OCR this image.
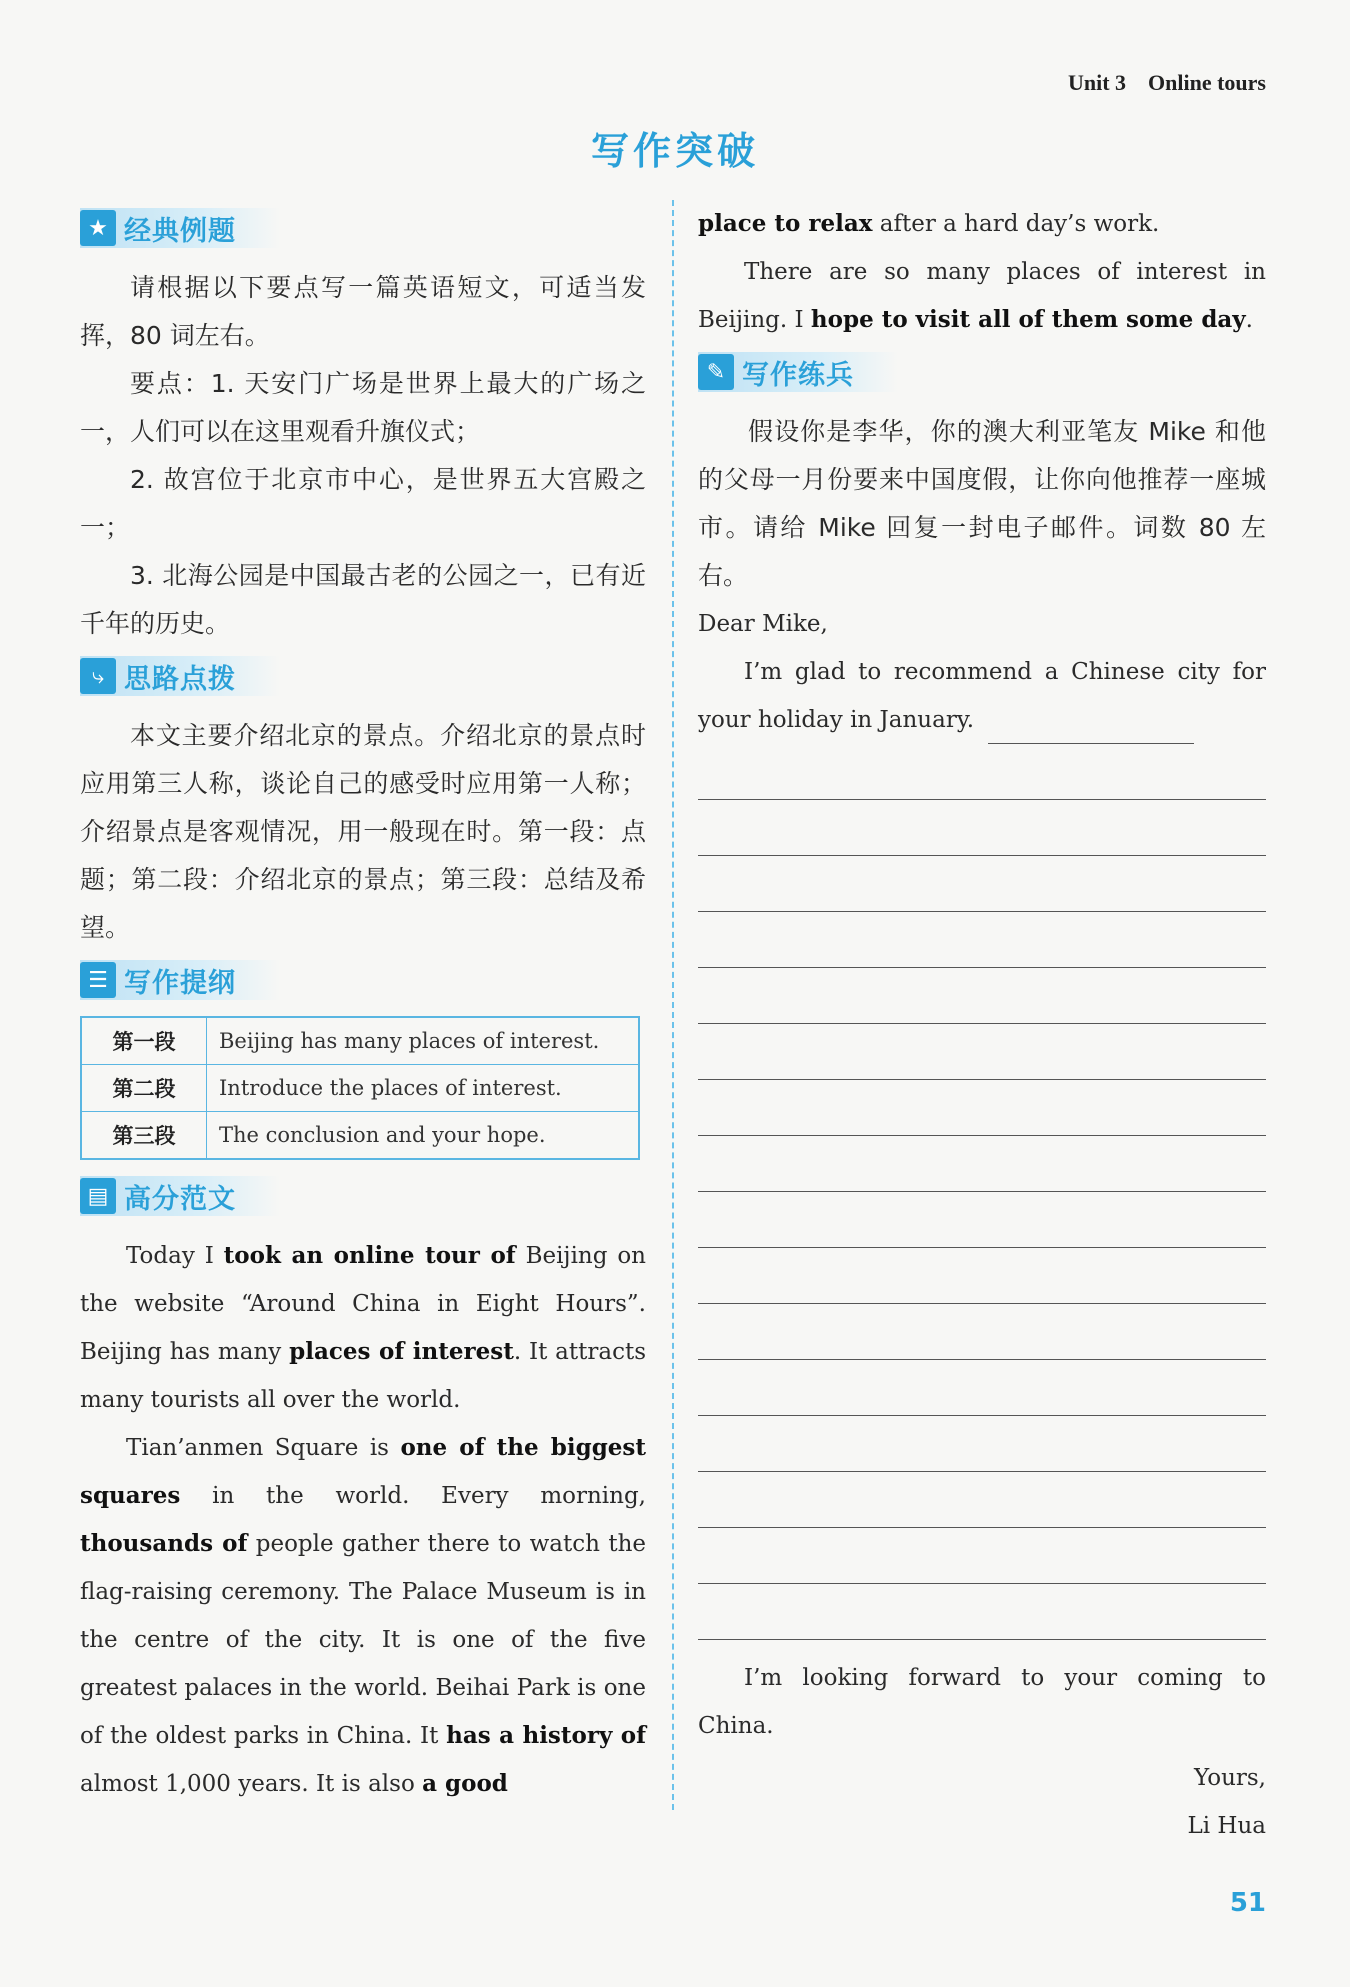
Unit 3 Online tours
写作突破
★ 经典例题

请根据以下要点写一篇英语短文，可适当发挥，80 词左右。

要点：1. 天安门广场是世界上最大的广场之一，人们可以在这里观看升旗仪式；

2. 故宫位于北京市中心，是世界五大宫殿之一；

3. 北海公园是中国最古老的公园之一，已有近千年的历史。

⤷ 思路点拨

本文主要介绍北京的景点。介绍北京的景点时应用第三人称，谈论自己的感受时应用第一人称；介绍景点是客观情况，用一般现在时。第一段：点题；第二段：介绍北京的景点；第三段：总结及希望。

☰ 写作提纲
第一段	Beijing has many places of interest.
第二段	Introduce the places of interest.
第三段	The conclusion and your hope.
▤ 高分范文

Today I took an online tour of Beijing on the website “Around China in Eight Hours”. Beijing has many places of interest. It attracts many tourists all over the world.

Tian’anmen Square is one of the biggest squares in the world. Every morning, thousands of people gather there to watch the flag-raising ceremony. The Palace Museum is in the centre of the city. It is one of the five greatest palaces in the world. Beihai Park is one of the oldest parks in China. It has a history of almost 1,000 years. It is also a good

place to relax after a hard day’s work.

There are so many places of interest in Beijing. I hope to visit all of them some day.

✎ 写作练兵

假设你是李华，你的澳大利亚笔友 Mike 和他的父母一月份要来中国度假，让你向他推荐一座城市。请给 Mike 回复一封电子邮件。词数 80 左右。

Dear Mike,

I’m glad to recommend a Chinese city for your holiday in January.

I’m looking forward to your coming to China.

Yours,

Li Hua

51
